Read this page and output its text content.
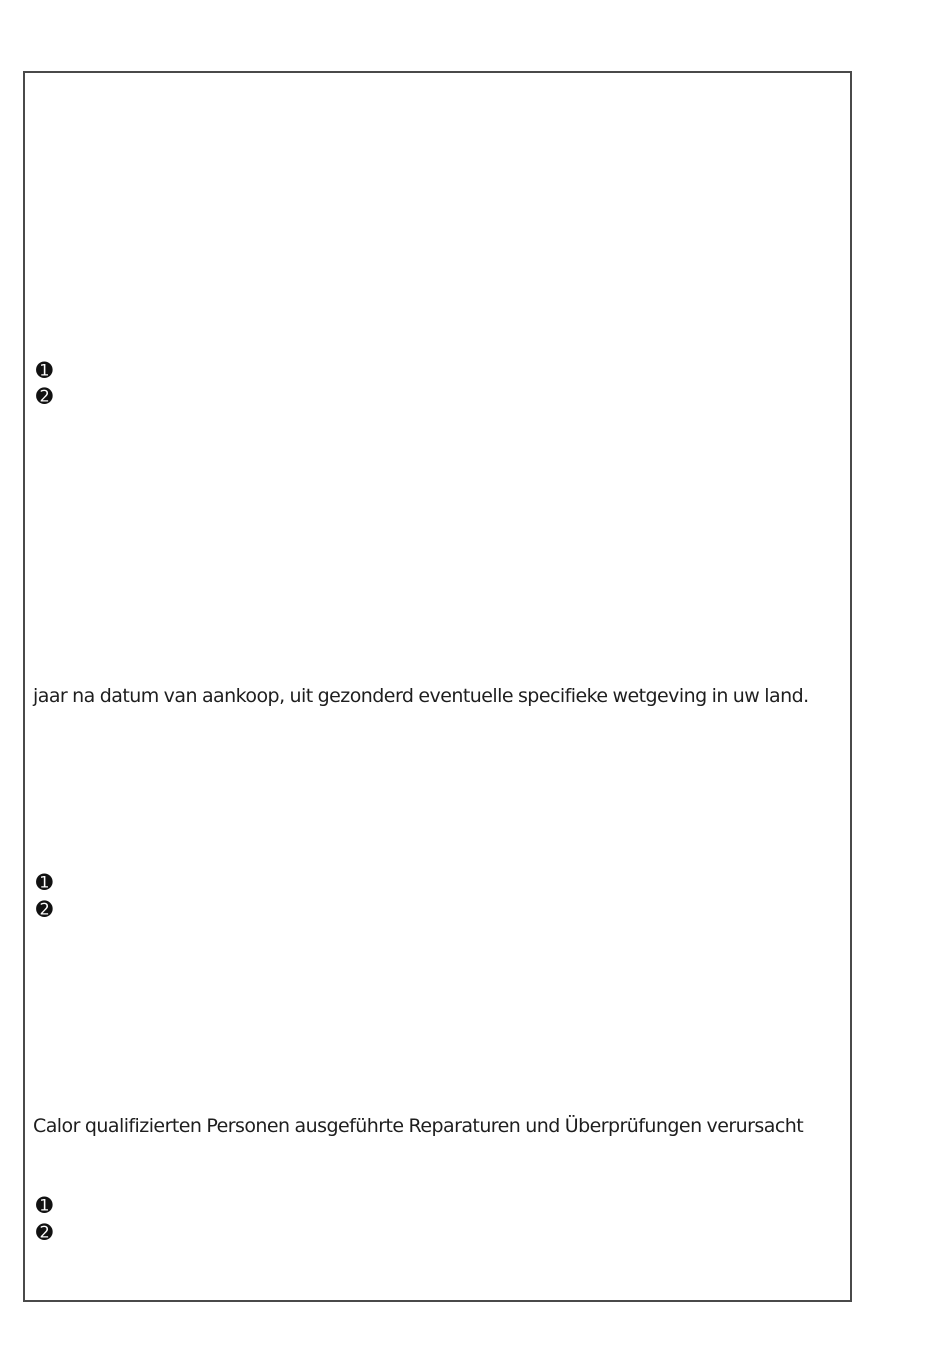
➊
➋
jaar na datum van aankoop, uit gezonderd eventuelle specifieke wetgeving in uw land.
➊
➋
Calor qualifizierten Personen ausgeführte Reparaturen und Überprüfungen verursacht
➊
➋
